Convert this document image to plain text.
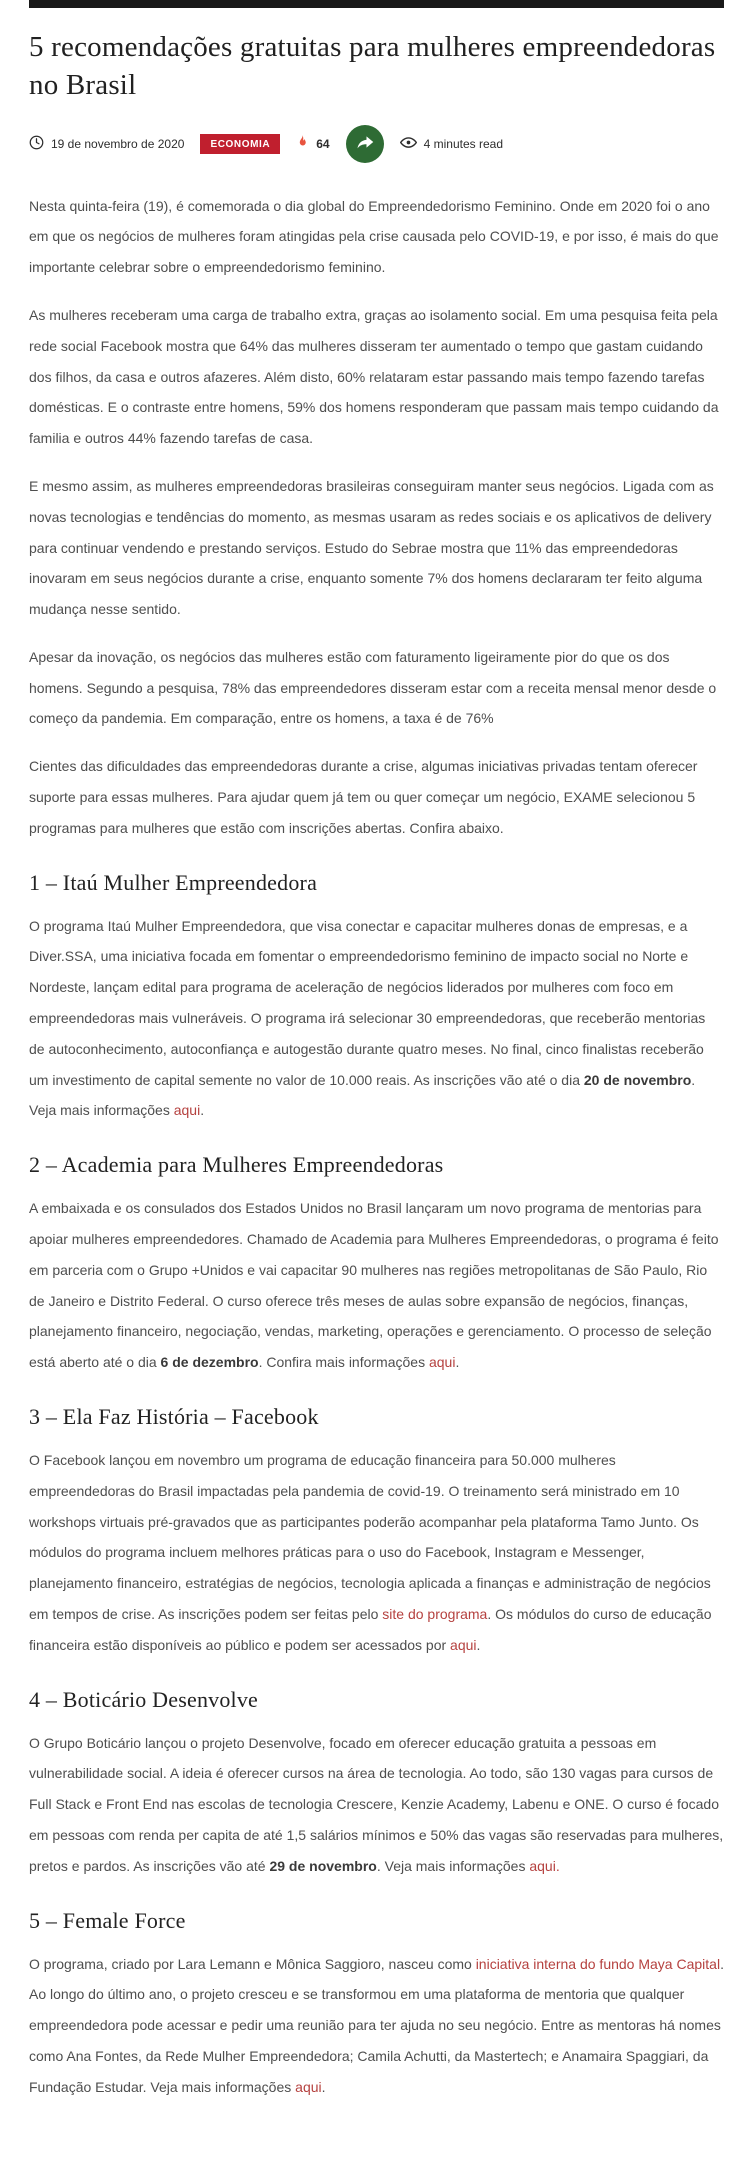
5 recomendações gratuitas para mulheres empreendedoras no Brasil
19 de novembro de 2020	ECONOMIA	64	4 minutes read

Nesta quinta-feira (19), é comemorada o dia global do Empreendedorismo Feminino. Onde em 2020 foi o ano em que os negócios de mulheres foram atingidas pela crise causada pelo COVID-19, e por isso, é mais do que importante celebrar sobre o empreendedorismo feminino.

As mulheres receberam uma carga de trabalho extra, graças ao isolamento social. Em uma pesquisa feita pela rede social Facebook mostra que 64% das mulheres disseram ter aumentado o tempo que gastam cuidando dos filhos, da casa e outros afazeres. Além disto, 60% relataram estar passando mais tempo fazendo tarefas domésticas. E o contraste entre homens, 59% dos homens responderam que passam mais tempo cuidando da familia e outros 44% fazendo tarefas de casa.

E mesmo assim, as mulheres empreendedoras brasileiras conseguiram manter seus negócios. Ligada com as novas tecnologias e tendências do momento, as mesmas usaram as redes sociais e os aplicativos de delivery para continuar vendendo e prestando serviços. Estudo do Sebrae mostra que 11% das empreendedoras inovaram em seus negócios durante a crise, enquanto somente 7% dos homens declararam ter feito alguma mudança nesse sentido.

Apesar da inovação, os negócios das mulheres estão com faturamento ligeiramente pior do que os dos homens. Segundo a pesquisa, 78% das empreendedores disseram estar com a receita mensal menor desde o começo da pandemia. Em comparação, entre os homens, a taxa é de 76%

Cientes das dificuldades das empreendedoras durante a crise, algumas iniciativas privadas tentam oferecer suporte para essas mulheres. Para ajudar quem já tem ou quer começar um negócio, EXAME selecionou 5 programas para mulheres que estão com inscrições abertas. Confira abaixo.

1 – Itaú Mulher Empreendedora

O programa Itaú Mulher Empreendedora, que visa conectar e capacitar mulheres donas de empresas, e a Diver.SSA, uma iniciativa focada em fomentar o empreendedorismo feminino de impacto social no Norte e Nordeste, lançam edital para programa de aceleração de negócios liderados por mulheres com foco em empreendedoras mais vulneráveis. O programa irá selecionar 30 empreendedoras, que receberão mentorias de autoconhecimento, autoconfiança e autogestão durante quatro meses. No final, cinco finalistas receberão um investimento de capital semente no valor de 10.000 reais. As inscrições vão até o dia 20 de novembro. Veja mais informações aqui.

2 – Academia para Mulheres Empreendedoras

A embaixada e os consulados dos Estados Unidos no Brasil lançaram um novo programa de mentorias para apoiar mulheres empreendedores. Chamado de Academia para Mulheres Empreendedoras, o programa é feito em parceria com o Grupo +Unidos e vai capacitar 90 mulheres nas regiões metropolitanas de São Paulo, Rio de Janeiro e Distrito Federal. O curso oferece três meses de aulas sobre expansão de negócios, finanças, planejamento financeiro, negociação, vendas, marketing, operações e gerenciamento. O processo de seleção está aberto até o dia 6 de dezembro. Confira mais informações aqui.

3 – Ela Faz História – Facebook

O Facebook lançou em novembro um programa de educação financeira para 50.000 mulheres empreendedoras do Brasil impactadas pela pandemia de covid-19. O treinamento será ministrado em 10 workshops virtuais pré-gravados que as participantes poderão acompanhar pela plataforma Tamo Junto. Os módulos do programa incluem melhores práticas para o uso do Facebook, Instagram e Messenger, planejamento financeiro, estratégias de negócios, tecnologia aplicada a finanças e administração de negócios em tempos de crise. As inscrições podem ser feitas pelo site do programa. Os módulos do curso de educação financeira estão disponíveis ao público e podem ser acessados por aqui.

4 – Boticário Desenvolve

O Grupo Boticário lançou o projeto Desenvolve, focado em oferecer educação gratuita a pessoas em vulnerabilidade social. A ideia é oferecer cursos na área de tecnologia. Ao todo, são 130 vagas para cursos de Full Stack e Front End nas escolas de tecnologia Crescere, Kenzie Academy, Labenu e ONE. O curso é focado em pessoas com renda per capita de até 1,5 salários mínimos e 50% das vagas são reservadas para mulheres, pretos e pardos. As inscrições vão até 29 de novembro. Veja mais informações aqui.

5 – Female Force

O programa, criado por Lara Lemann e Mônica Saggioro, nasceu como iniciativa interna do fundo Maya Capital. Ao longo do último ano, o projeto cresceu e se transformou em uma plataforma de mentoria que qualquer empreendedora pode acessar e pedir uma reunião para ter ajuda no seu negócio. Entre as mentoras há nomes como Ana Fontes, da Rede Mulher Empreendedora; Camila Achutti, da Mastertech; e Anamaira Spaggiari, da Fundação Estudar. Veja mais informações aqui.
